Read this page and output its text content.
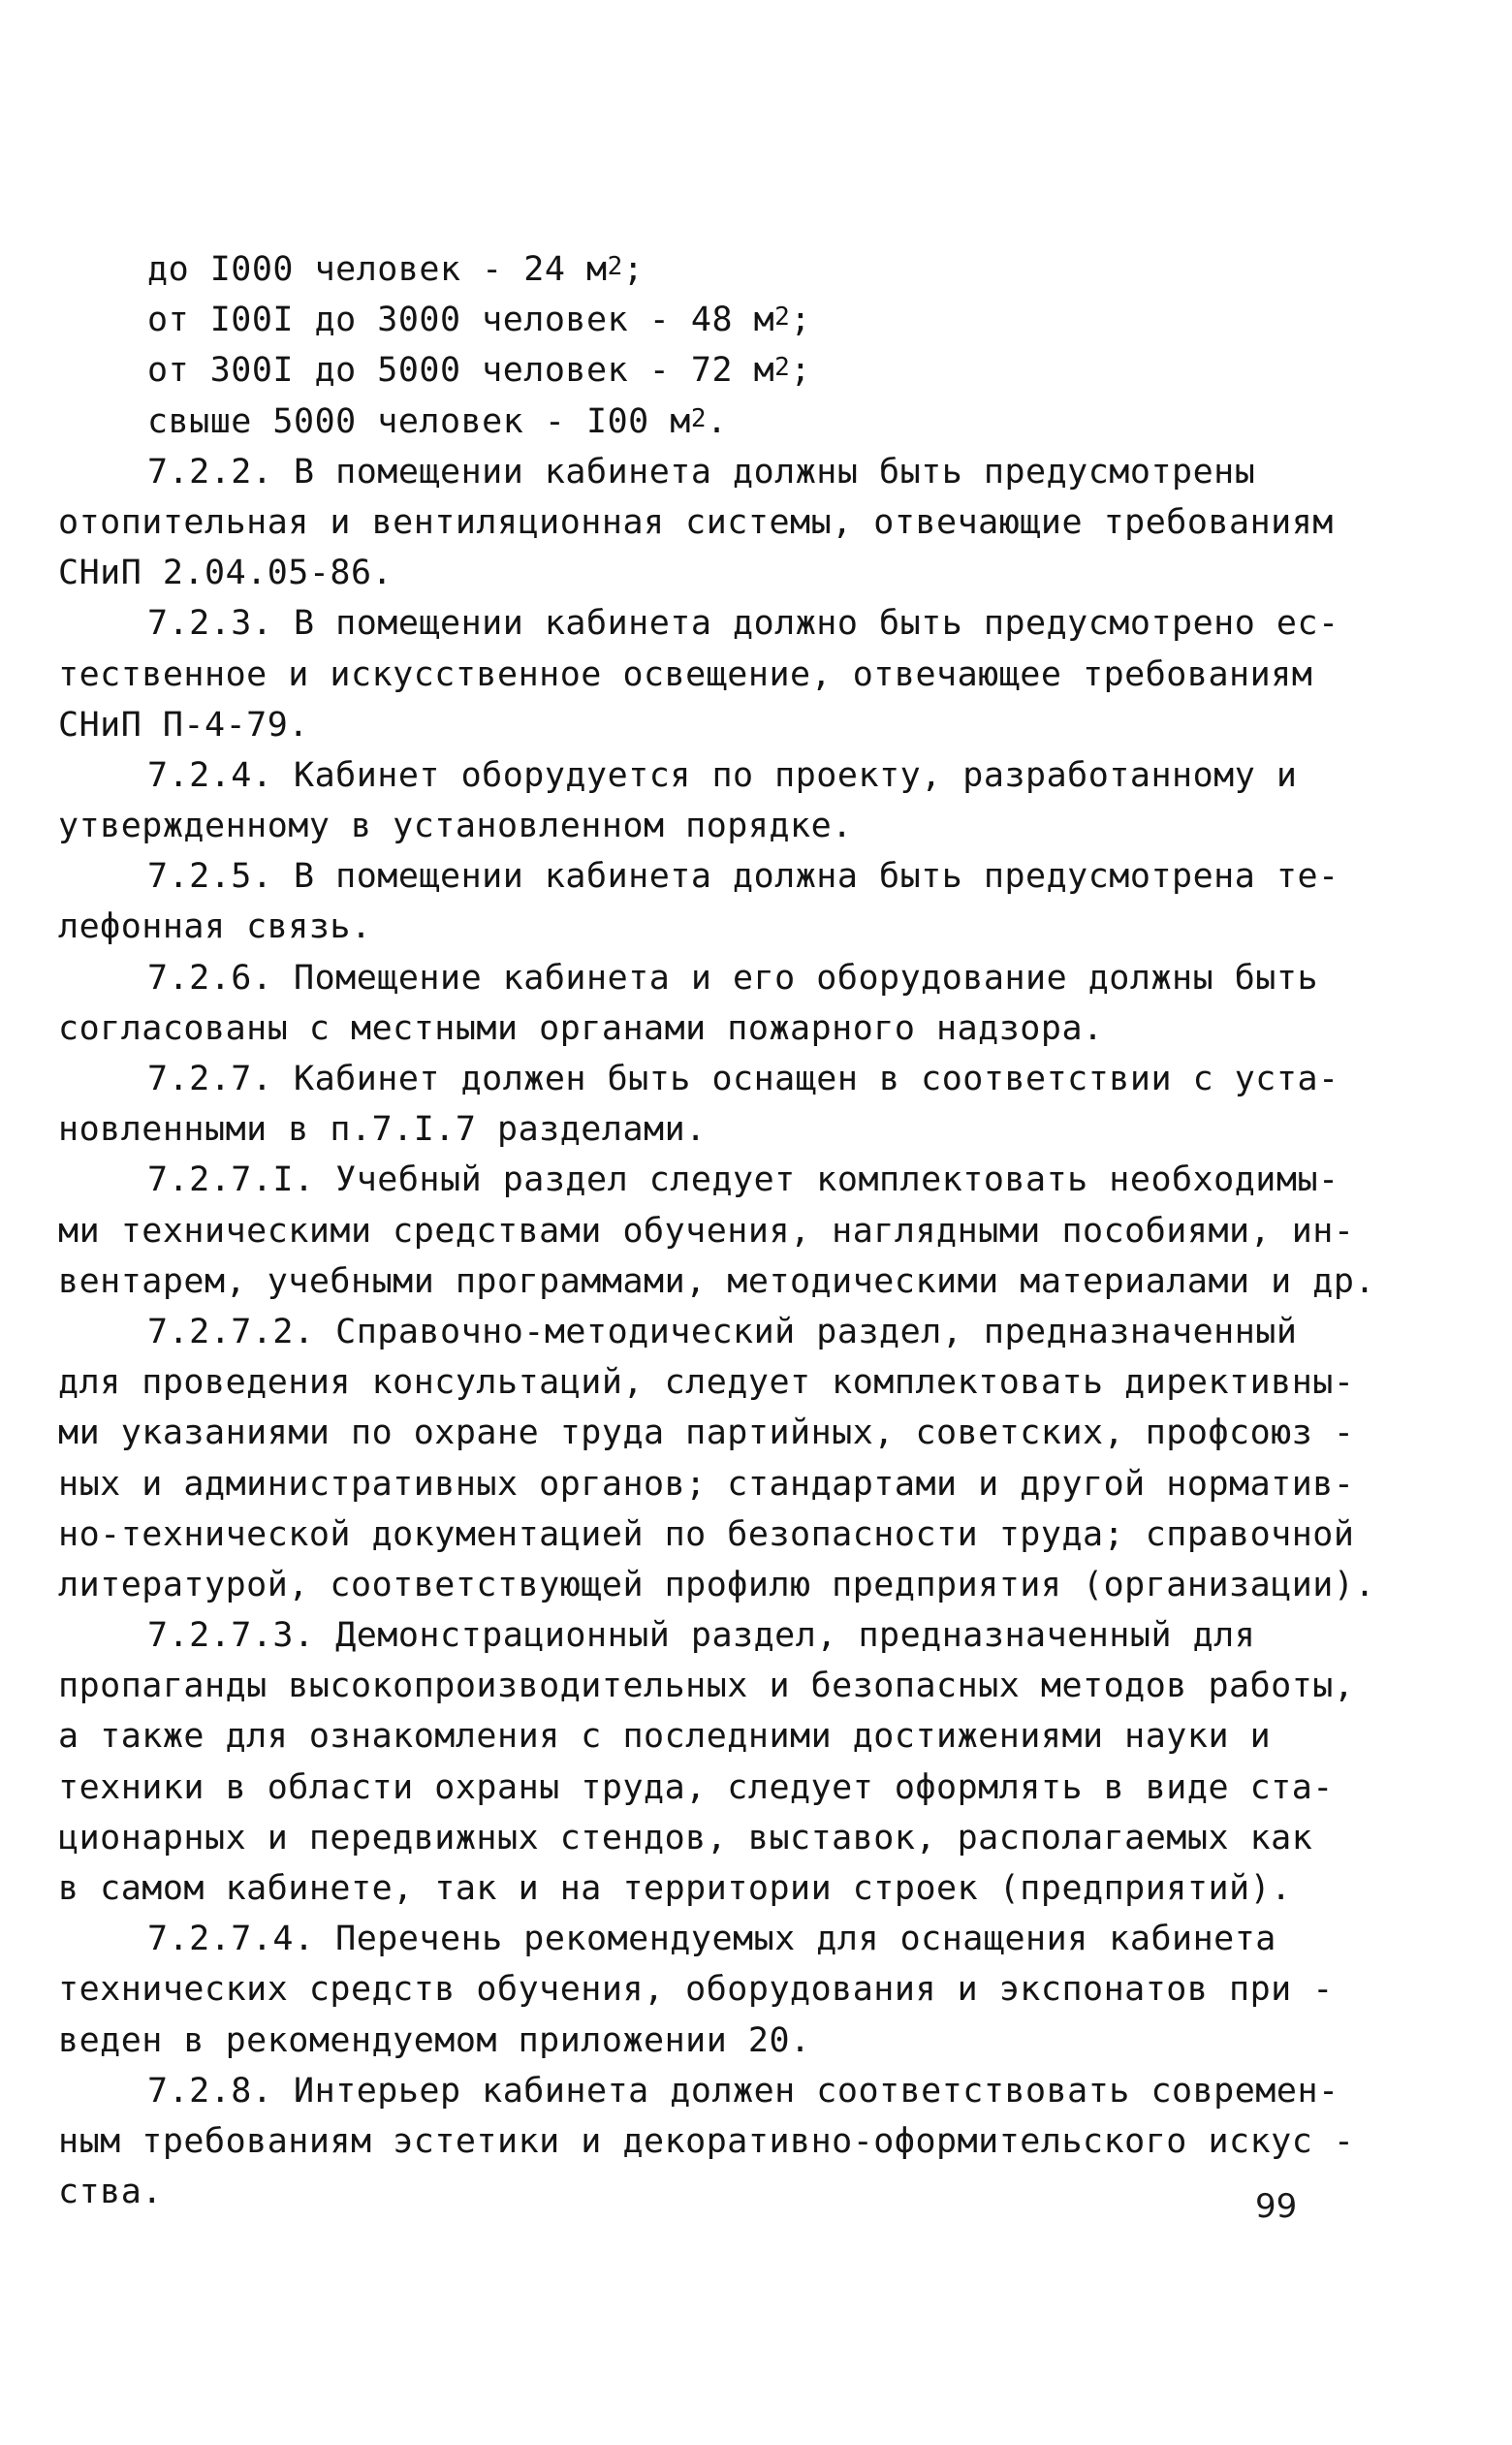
до I000 человек - 24 $м^2$;
от I00I до 3000 человек - 48 $м^2$;
от 300I до 5000 человек - 72 $м^2$;
свыше 5000 человек - I00 $м^2$.
7.2.2. В помещении кабинета должны быть предусмотрены
отопительная и вентиляционная системы, отвечающие требованиям
СНиП 2.04.05-86.
7.2.3. В помещении кабинета должно быть предусмотрено ес-
тественное и искусственное освещение, отвечающее требованиям
СНиП П-4-79.
7.2.4. Кабинет оборудуется по проекту, разработанному и
утвержденному в установленном порядке.
7.2.5. В помещении кабинета должна быть предусмотрена те-
лефонная связь.
7.2.6. Помещение кабинета и его оборудование должны быть
согласованы с местными органами пожарного надзора.
7.2.7. Кабинет должен быть оснащен в соответствии с уста-
новленными в п.7.I.7 разделами.
7.2.7.I. Учебный раздел следует комплектовать необходимы-
ми техническими средствами обучения, наглядными пособиями, ин-
вентарем, учебными программами, методическими материалами и др.
7.2.7.2. Справочно-методический раздел, предназначенный
для проведения консультаций, следует комплектовать директивны-
ми указаниями по охране труда партийных, советских, профсоюз -
ных и административных органов; стандартами и другой норматив-
но-технической документацией по безопасности труда; справочной
литературой, соответствующей профилю предприятия (организации).
7.2.7.3. Демонстрационный раздел, предназначенный для
пропаганды высокопроизводительных и безопасных методов работы,
а также для ознакомления с последними достижениями науки и
техники в области охраны труда, следует оформлять в виде ста-
ционарных и передвижных стендов, выставок, располагаемых как
в самом кабинете, так и на территории строек (предприятий).
7.2.7.4. Перечень рекомендуемых для оснащения кабинета
технических средств обучения, оборудования и экспонатов при -
веден в рекомендуемом приложении 20.
7.2.8. Интерьер кабинета должен соответствовать современ-
ным требованиям эстетики и декоративно-оформительского искус -
ства.	99
